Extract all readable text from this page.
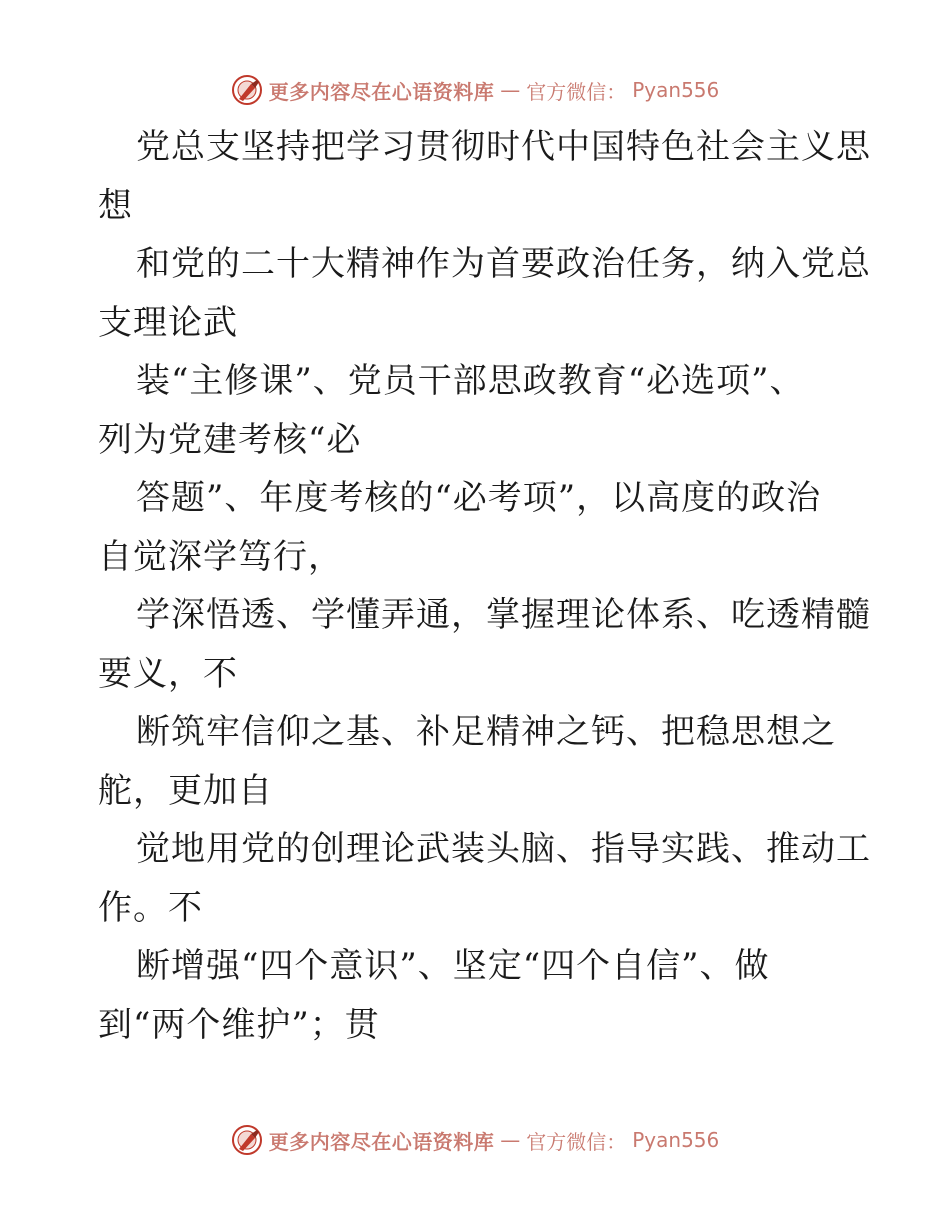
更多内容尽在心语资料库 — 官方微信： Pyan556
党总支坚持把学习贯彻时代中国特色社会主义思
想
和党的二十大精神作为首要政治任务，纳入党总
支理论武
装“主修课”、党员干部思政教育“必选项”、
列为党建考核“必
答题”、年度考核的“必考项”，以高度的政治
自觉深学笃行，
学深悟透、学懂弄通，掌握理论体系、吃透精髓
要义，不
断筑牢信仰之基、补足精神之钙、把稳思想之
舵，更加自
觉地用党的创理论武装头脑、指导实践、推动工
作。不
断增强“四个意识”、坚定“四个自信”、做
到“两个维护”；贯
更多内容尽在心语资料库 — 官方微信： Pyan556
